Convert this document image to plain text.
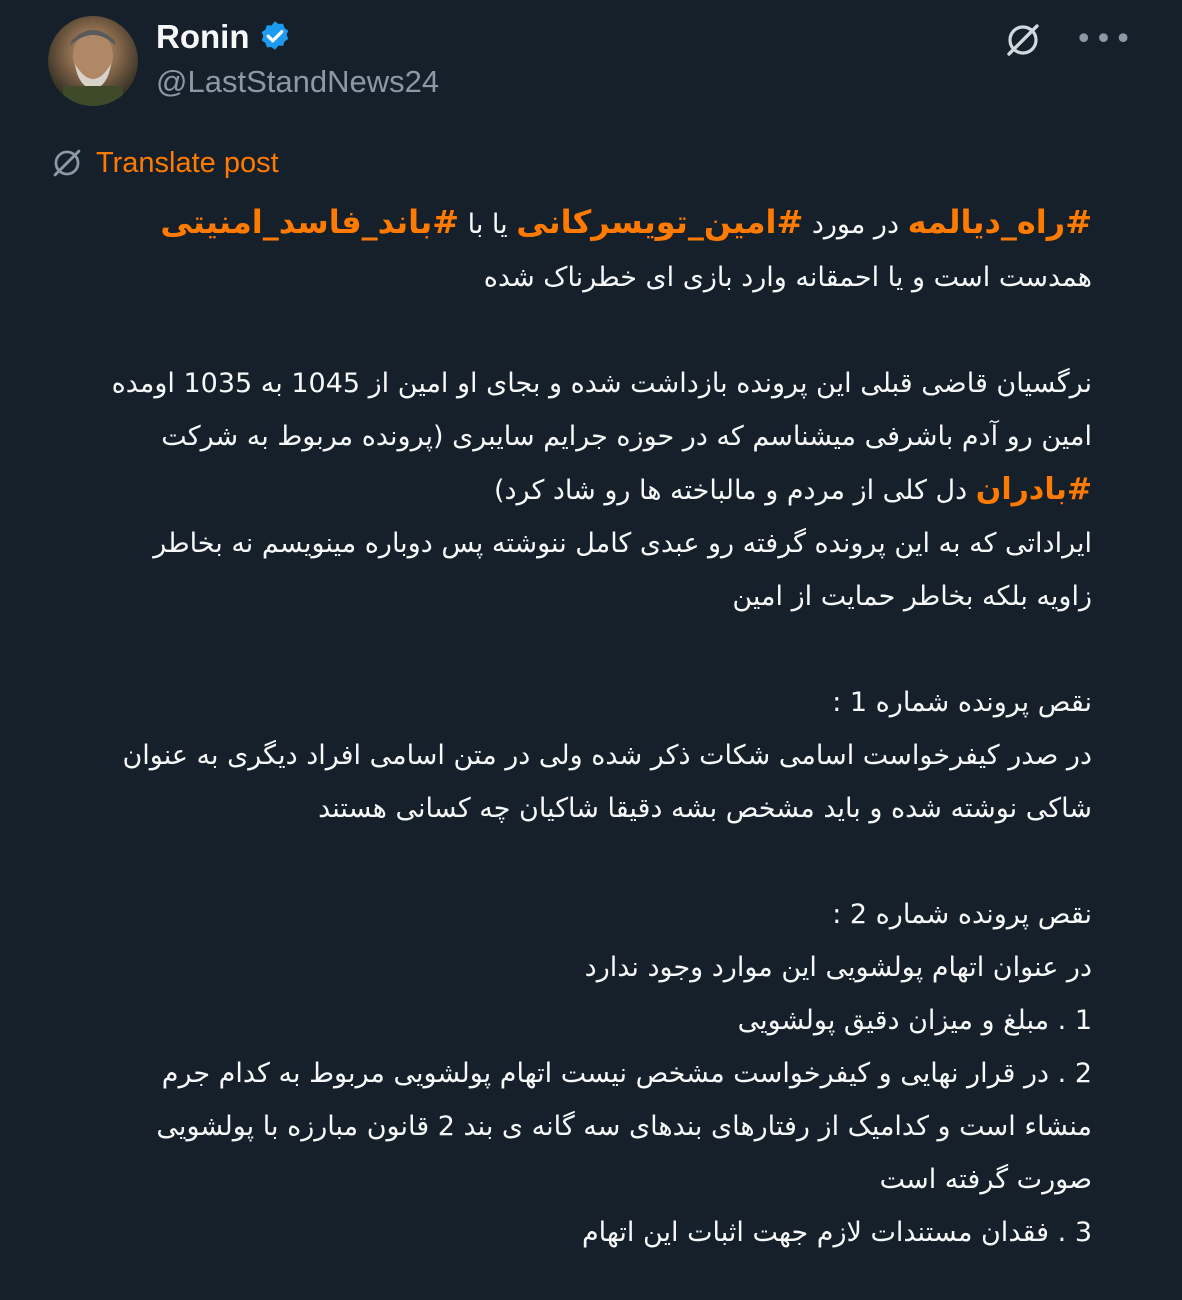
Ronin
@LastStandNews24
•••
Translate post
#راه_دیالمه در مورد #امین_تویسرکانی یا با #باند_فاسد_امنیتی
همدست است و یا احمقانه وارد بازی ای خطرناک شده
نرگسیان قاضی قبلی این پرونده بازداشت شده و بجای او امین از 1045 به 1035 اومده
امین رو آدم باشرفی میشناسم که در حوزه جرایم سایبری (پرونده مربوط به شرکت
#بادران دل کلی از مردم و مالباخته ها رو شاد کرد)
ایراداتی که به این پرونده گرفته رو عبدی کامل ننوشته پس دوباره مینویسم نه بخاطر
زاویه بلکه بخاطر حمایت از امین
نقص پرونده شماره 1 :
در صدر کیفرخواست اسامی شکات ذکر شده ولی در متن اسامی افراد دیگری به عنوان
شاکی نوشته شده و باید مشخص بشه دقیقا شاکیان چه کسانی هستند
نقص پرونده شماره 2 :
در عنوان اتهام پولشویی این موارد وجود ندارد
1 . مبلغ و میزان دقیق پولشویی
2 . در قرار نهایی و کیفرخواست مشخص نیست اتهام پولشویی مربوط به کدام جرم
منشاء است و کدامیک از رفتارهای بندهای سه گانه ی بند 2 قانون مبارزه با پولشویی
صورت گرفته است
3 . فقدان مستندات لازم جهت اثبات این اتهام
